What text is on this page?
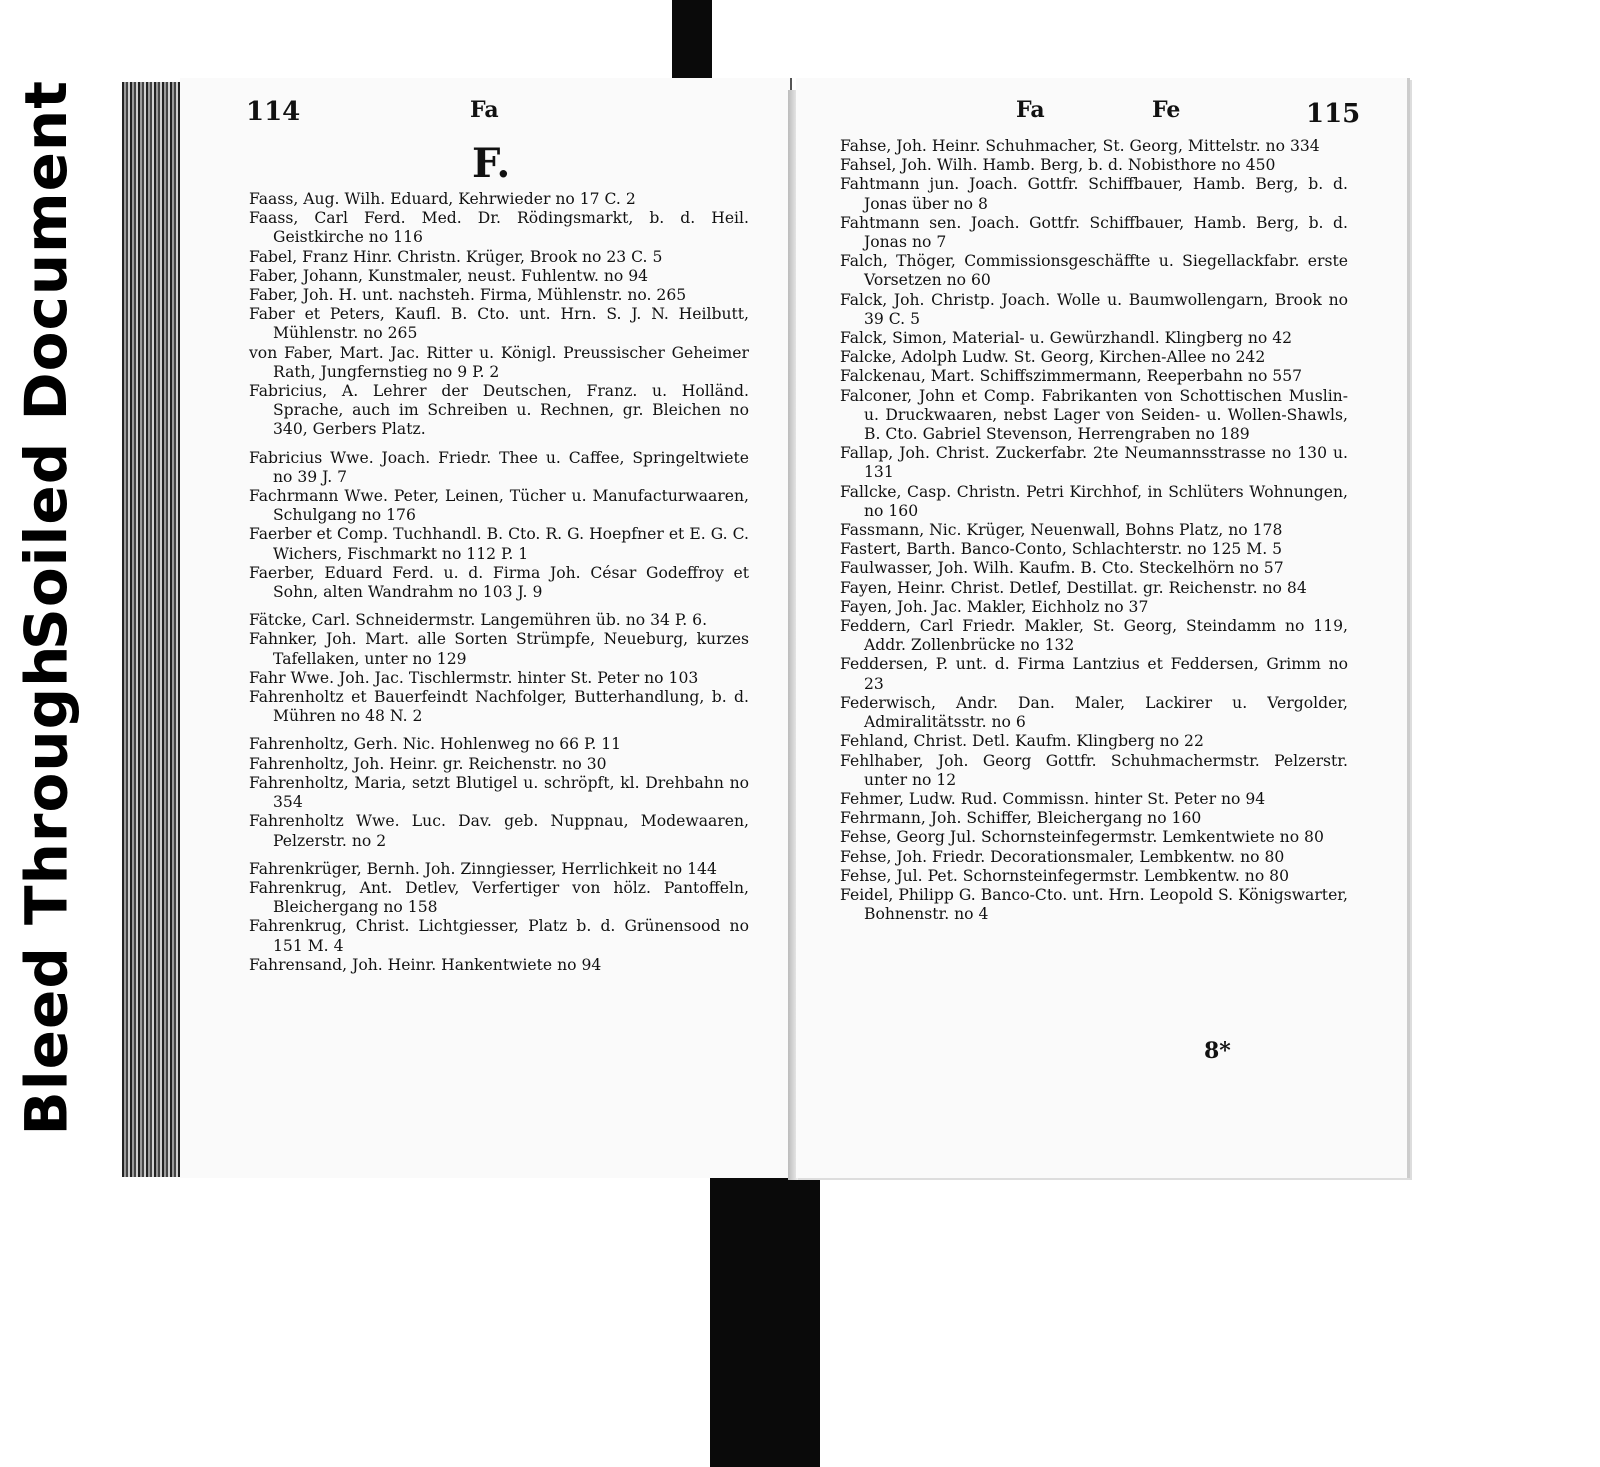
Soiled Document
Bleed Through
114	Fa
F.
Faass, Aug. Wilh. Eduard, Kehrwieder no 17 C. 2
Faass, Carl Ferd. Med. Dr. Rödingsmarkt, b. d. Heil. Geistkirche no 116
Fabel, Franz Hinr. Christn. Krüger, Brook no 23 C. 5
Faber, Johann, Kunstmaler, neust. Fuhlentw. no 94
Faber, Joh. H. unt. nachsteh. Firma, Mühlenstr. no. 265
Faber et Peters, Kaufl. B. Cto. unt. Hrn. S. J. N. Heilbutt, Mühlenstr. no 265
von Faber, Mart. Jac. Ritter u. Königl. Preussischer Geheimer Rath, Jungfernstieg no 9 P. 2
Fabricius, A. Lehrer der Deutschen, Franz. u. Holländ. Sprache, auch im Schreiben u. Rechnen, gr. Bleichen no 340, Gerbers Platz.
Fabricius Wwe. Joach. Friedr. Thee u. Caffee, Springeltwiete no 39 J. 7
Fachrmann Wwe. Peter, Leinen, Tücher u. Manufacturwaaren, Schulgang no 176
Faerber et Comp. Tuchhandl. B. Cto. R. G. Hoepfner et E. G. C. Wichers, Fischmarkt no 112 P. 1
Faerber, Eduard Ferd. u. d. Firma Joh. César Godeffroy et Sohn, alten Wandrahm no 103 J. 9
Fätcke, Carl. Schneidermstr. Langemühren üb. no 34 P. 6.
Fahnker, Joh. Mart. alle Sorten Strümpfe, Neueburg, kurzes Tafellaken, unter no 129
Fahr Wwe. Joh. Jac. Tischlermstr. hinter St. Peter no 103
Fahrenholtz et Bauerfeindt Nachfolger, Butterhandlung, b. d. Mühren no 48 N. 2
Fahrenholtz, Gerh. Nic. Hohlenweg no 66 P. 11
Fahrenholtz, Joh. Heinr. gr. Reichenstr. no 30
Fahrenholtz, Maria, setzt Blutigel u. schröpft, kl. Drehbahn no 354
Fahrenholtz Wwe. Luc. Dav. geb. Nuppnau, Modewaaren, Pelzerstr. no 2
Fahrenkrüger, Bernh. Joh. Zinngiesser, Herrlichkeit no 144
Fahrenkrug, Ant. Detlev, Verfertiger von hölz. Pantoffeln, Bleichergang no 158
Fahrenkrug, Christ. Lichtgiesser, Platz b. d. Grünensood no 151 M. 4
Fahrensand, Joh. Heinr. Hankentwiete no 94
Fa	Fe	115
Fahse, Joh. Heinr. Schuhmacher, St. Georg, Mittelstr. no 334
Fahsel, Joh. Wilh. Hamb. Berg, b. d. Nobisthore no 450
Fahtmann jun. Joach. Gottfr. Schiffbauer, Hamb. Berg, b. d. Jonas über no 8
Fahtmann sen. Joach. Gottfr. Schiffbauer, Hamb. Berg, b. d. Jonas no 7
Falch, Thöger, Commissionsgeschäffte u. Siegellackfabr. erste Vorsetzen no 60
Falck, Joh. Christp. Joach. Wolle u. Baumwollengarn, Brook no 39 C. 5
Falck, Simon, Material- u. Gewürzhandl. Klingberg no 42
Falcke, Adolph Ludw. St. Georg, Kirchen-Allee no 242
Falckenau, Mart. Schiffszimmermann, Reeperbahn no 557
Falconer, John et Comp. Fabrikanten von Schottischen Muslin- u. Druckwaaren, nebst Lager von Seiden- u. Wollen-Shawls, B. Cto. Gabriel Stevenson, Herrengraben no 189
Fallap, Joh. Christ. Zuckerfabr. 2te Neumannsstrasse no 130 u. 131
Fallcke, Casp. Christn. Petri Kirchhof, in Schlüters Wohnungen, no 160
Fassmann, Nic. Krüger, Neuenwall, Bohns Platz, no 178
Fastert, Barth. Banco-Conto, Schlachterstr. no 125 M. 5
Faulwasser, Joh. Wilh. Kaufm. B. Cto. Steckelhörn no 57
Fayen, Heinr. Christ. Detlef, Destillat. gr. Reichenstr. no 84
Fayen, Joh. Jac. Makler, Eichholz no 37
Feddern, Carl Friedr. Makler, St. Georg, Steindamm no 119, Addr. Zollenbrücke no 132
Feddersen, P. unt. d. Firma Lantzius et Feddersen, Grimm no 23
Federwisch, Andr. Dan. Maler, Lackirer u. Vergolder, Admiralitätsstr. no 6
Fehland, Christ. Detl. Kaufm. Klingberg no 22
Fehlhaber, Joh. Georg Gottfr. Schuhmachermstr. Pelzerstr. unter no 12
Fehmer, Ludw. Rud. Commissn. hinter St. Peter no 94
Fehrmann, Joh. Schiffer, Bleichergang no 160
Fehse, Georg Jul. Schornsteinfegermstr. Lemkentwiete no 80
Fehse, Joh. Friedr. Decorationsmaler, Lembkentw. no 80
Fehse, Jul. Pet. Schornsteinfegermstr. Lembkentw. no 80
Feidel, Philipp G. Banco-Cto. unt. Hrn. Leopold S. Königswarter, Bohnenstr. no 4
8*
